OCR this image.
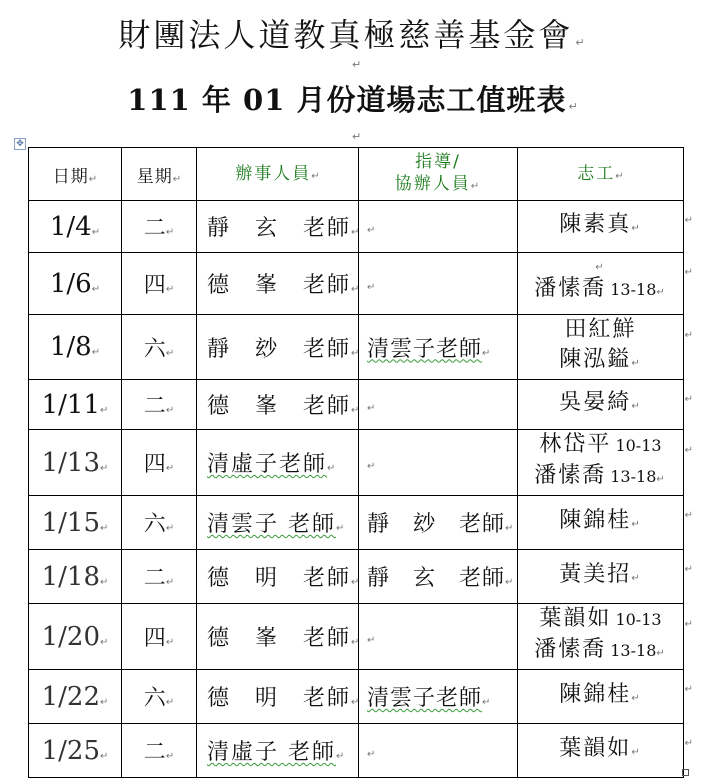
財團法人道教真極慈善基金會 ↵
↵
111 年 01 月份道場志工值班表 ↵
↵
✥
日期↵	星期↵	辦事人員↵	指導/
協辦人員↵	志工↵
1/4↵	二↵	靜　玄　老師↵	↵	陳素真↵
↵

1/6↵	四↵	德　峯　老師↵	↵	↵
潘愫喬 13-18↵
↵

1/8↵	六↵	靜　玅　老師↵	清雲子老師↵	田紅鮮
陳泓鎰↵
↵

1/11↵	二↵	德　峯　老師↵	↵	吳晏綺↵
↵

1/13↵	四↵	清虛子老師↵	↵	林岱平 10-13
潘愫喬 13-18↵
↵

1/15↵	六↵	清雲子 老師↵	靜　玅　老師↵	陳錦桂↵
↵

1/18↵	二↵	德　明　老師↵	靜　玄　老師↵	黃美招↵
↵

1/20↵	四↵	德　峯　老師↵	↵	葉韻如 10-13
潘愫喬 13-18↵
↵

1/22↵	六↵	德　明　老師↵	清雲子老師↵	陳錦桂↵
↵

1/25↵	二↵	清虛子 老師↵	↵	葉韻如↵
↵
